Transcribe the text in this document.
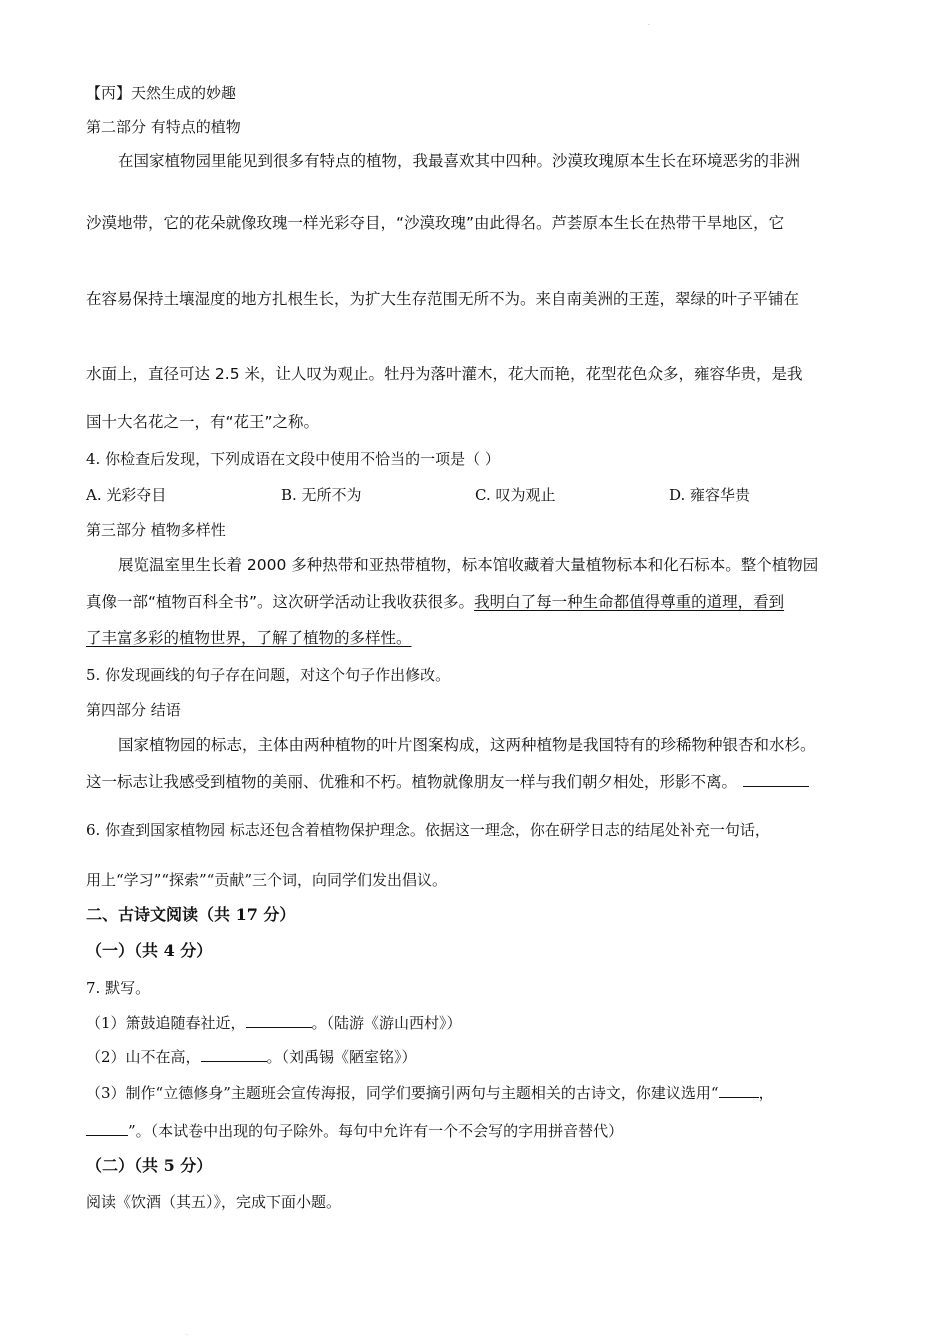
【丙】天然生成的妙趣
第二部分 有特点的植物
在国家植物园里能见到很多有特点的植物，我最喜欢其中四种。沙漠玫瑰原本生长在环境恶劣的非洲
沙漠地带，它的花朵就像玫瑰一样光彩夺目，“沙漠玫瑰”由此得名。芦荟原本生长在热带干旱地区，它
在容易保持土壤湿度的地方扎根生长，为扩大生存范围无所不为。来自南美洲的王莲，翠绿的叶子平铺在
水面上，直径可达 2.5 米，让人叹为观止。牡丹为落叶灌木，花大而艳，花型花色众多，雍容华贵，是我
国十大名花之一，有“花王”之称。
4. 你检查后发现，下列成语在文段中使用不恰当的一项是（ ）
A. 光彩夺目	B. 无所不为	C. 叹为观止	D. 雍容华贵
第三部分 植物多样性
展览温室里生长着 2000 多种热带和亚热带植物，标本馆收藏着大量植物标本和化石标本。整个植物园
真像一部“植物百科全书”。这次研学活动让我收获很多。我明白了每一种生命都值得尊重的道理，看到
了丰富多彩的植物世界，了解了植物的多样性。
5. 你发现画线的句子存在问题，对这个句子作出修改。
第四部分 结语
国家植物园的标志，主体由两种植物的叶片图案构成，这两种植物是我国特有的珍稀物种银杏和水杉。
这一标志让我感受到植物的美丽、优雅和不朽。植物就像朋友一样与我们朝夕相处，形影不离。
6. 你查到国家植物园 标志还包含着植物保护理念。依据这一理念，你在研学日志的结尾处补充一句话，
用上“学习”“探索”“贡献”三个词，向同学们发出倡议。
二、古诗文阅读（共 17 分）
（一）（共 4 分）
7. 默写。
（1）箫鼓追随春社近，	。（陆游《游山西村》）
（2）山不在高，	。（刘禹锡《陋室铭》）
（3）制作“立德修身”主题班会宣传海报，同学们要摘引两句与主题相关的古诗文，你建议选用“	，
”。（本试卷中出现的句子除外。每句中允许有一个不会写的字用拼音替代）
（二）（共 5 分）
阅读《饮酒（其五）》，完成下面小题。
.
.
